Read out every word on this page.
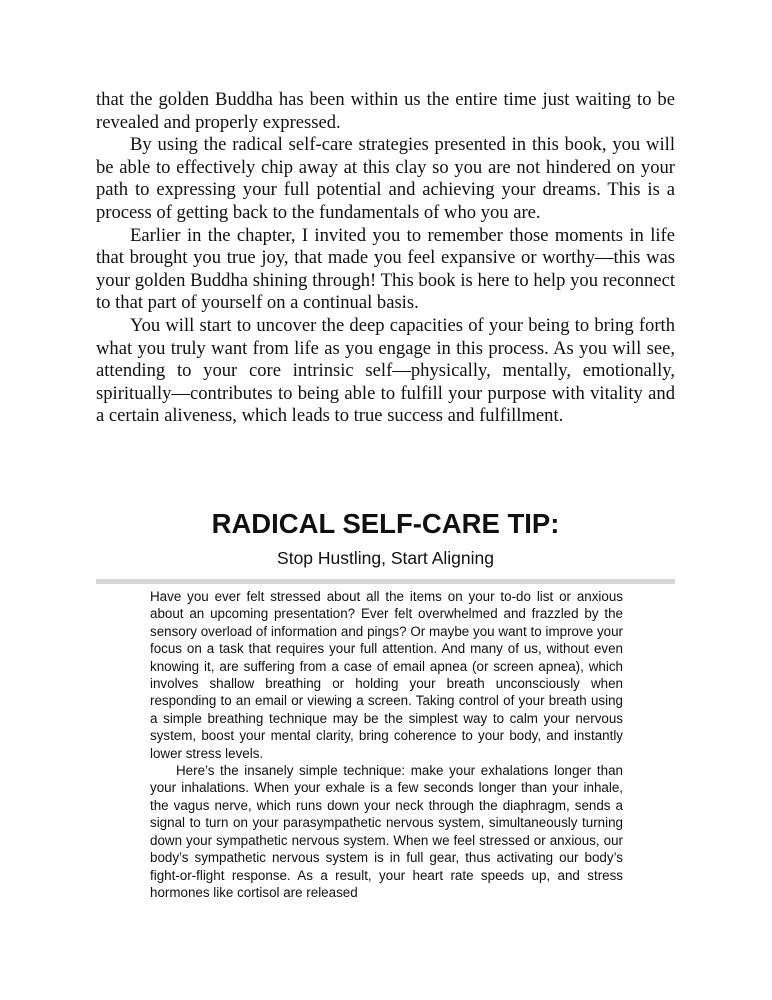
that the golden Buddha has been within us the entire time just waiting to be revealed and properly expressed.

By using the radical self-care strategies presented in this book, you will be able to effectively chip away at this clay so you are not hindered on your path to expressing your full potential and achieving your dreams. This is a process of getting back to the fundamentals of who you are.

Earlier in the chapter, I invited you to remember those moments in life that brought you true joy, that made you feel expansive or worthy—this was your golden Buddha shining through! This book is here to help you reconnect to that part of yourself on a continual basis.

You will start to uncover the deep capacities of your being to bring forth what you truly want from life as you engage in this process. As you will see, attending to your core intrinsic self—physically, mentally, emotionally, spiritually—contributes to being able to fulfill your purpose with vitality and a certain aliveness, which leads to true success and fulfillment.

RADICAL SELF-CARE TIP:
Stop Hustling, Start Aligning

Have you ever felt stressed about all the items on your to-do list or anxious about an upcoming presentation? Ever felt overwhelmed and frazzled by the sensory overload of information and pings? Or maybe you want to improve your focus on a task that requires your full attention. And many of us, without even knowing it, are suffering from a case of email apnea (or screen apnea), which involves shallow breathing or holding your breath unconsciously when responding to an email or viewing a screen. Taking control of your breath using a simple breathing technique may be the simplest way to calm your nervous system, boost your mental clarity, bring coherence to your body, and instantly lower stress levels.

Here’s the insanely simple technique: make your exhalations longer than your inhalations. When your exhale is a few seconds longer than your inhale, the vagus nerve, which runs down your neck through the diaphragm, sends a signal to turn on your parasympathetic nervous system, simultaneously turning down your sympathetic nervous system. When we feel stressed or anxious, our body’s sympathetic nervous system is in full gear, thus activating our body’s fight-or-flight response. As a result, your heart rate speeds up, and stress hormones like cortisol are released
